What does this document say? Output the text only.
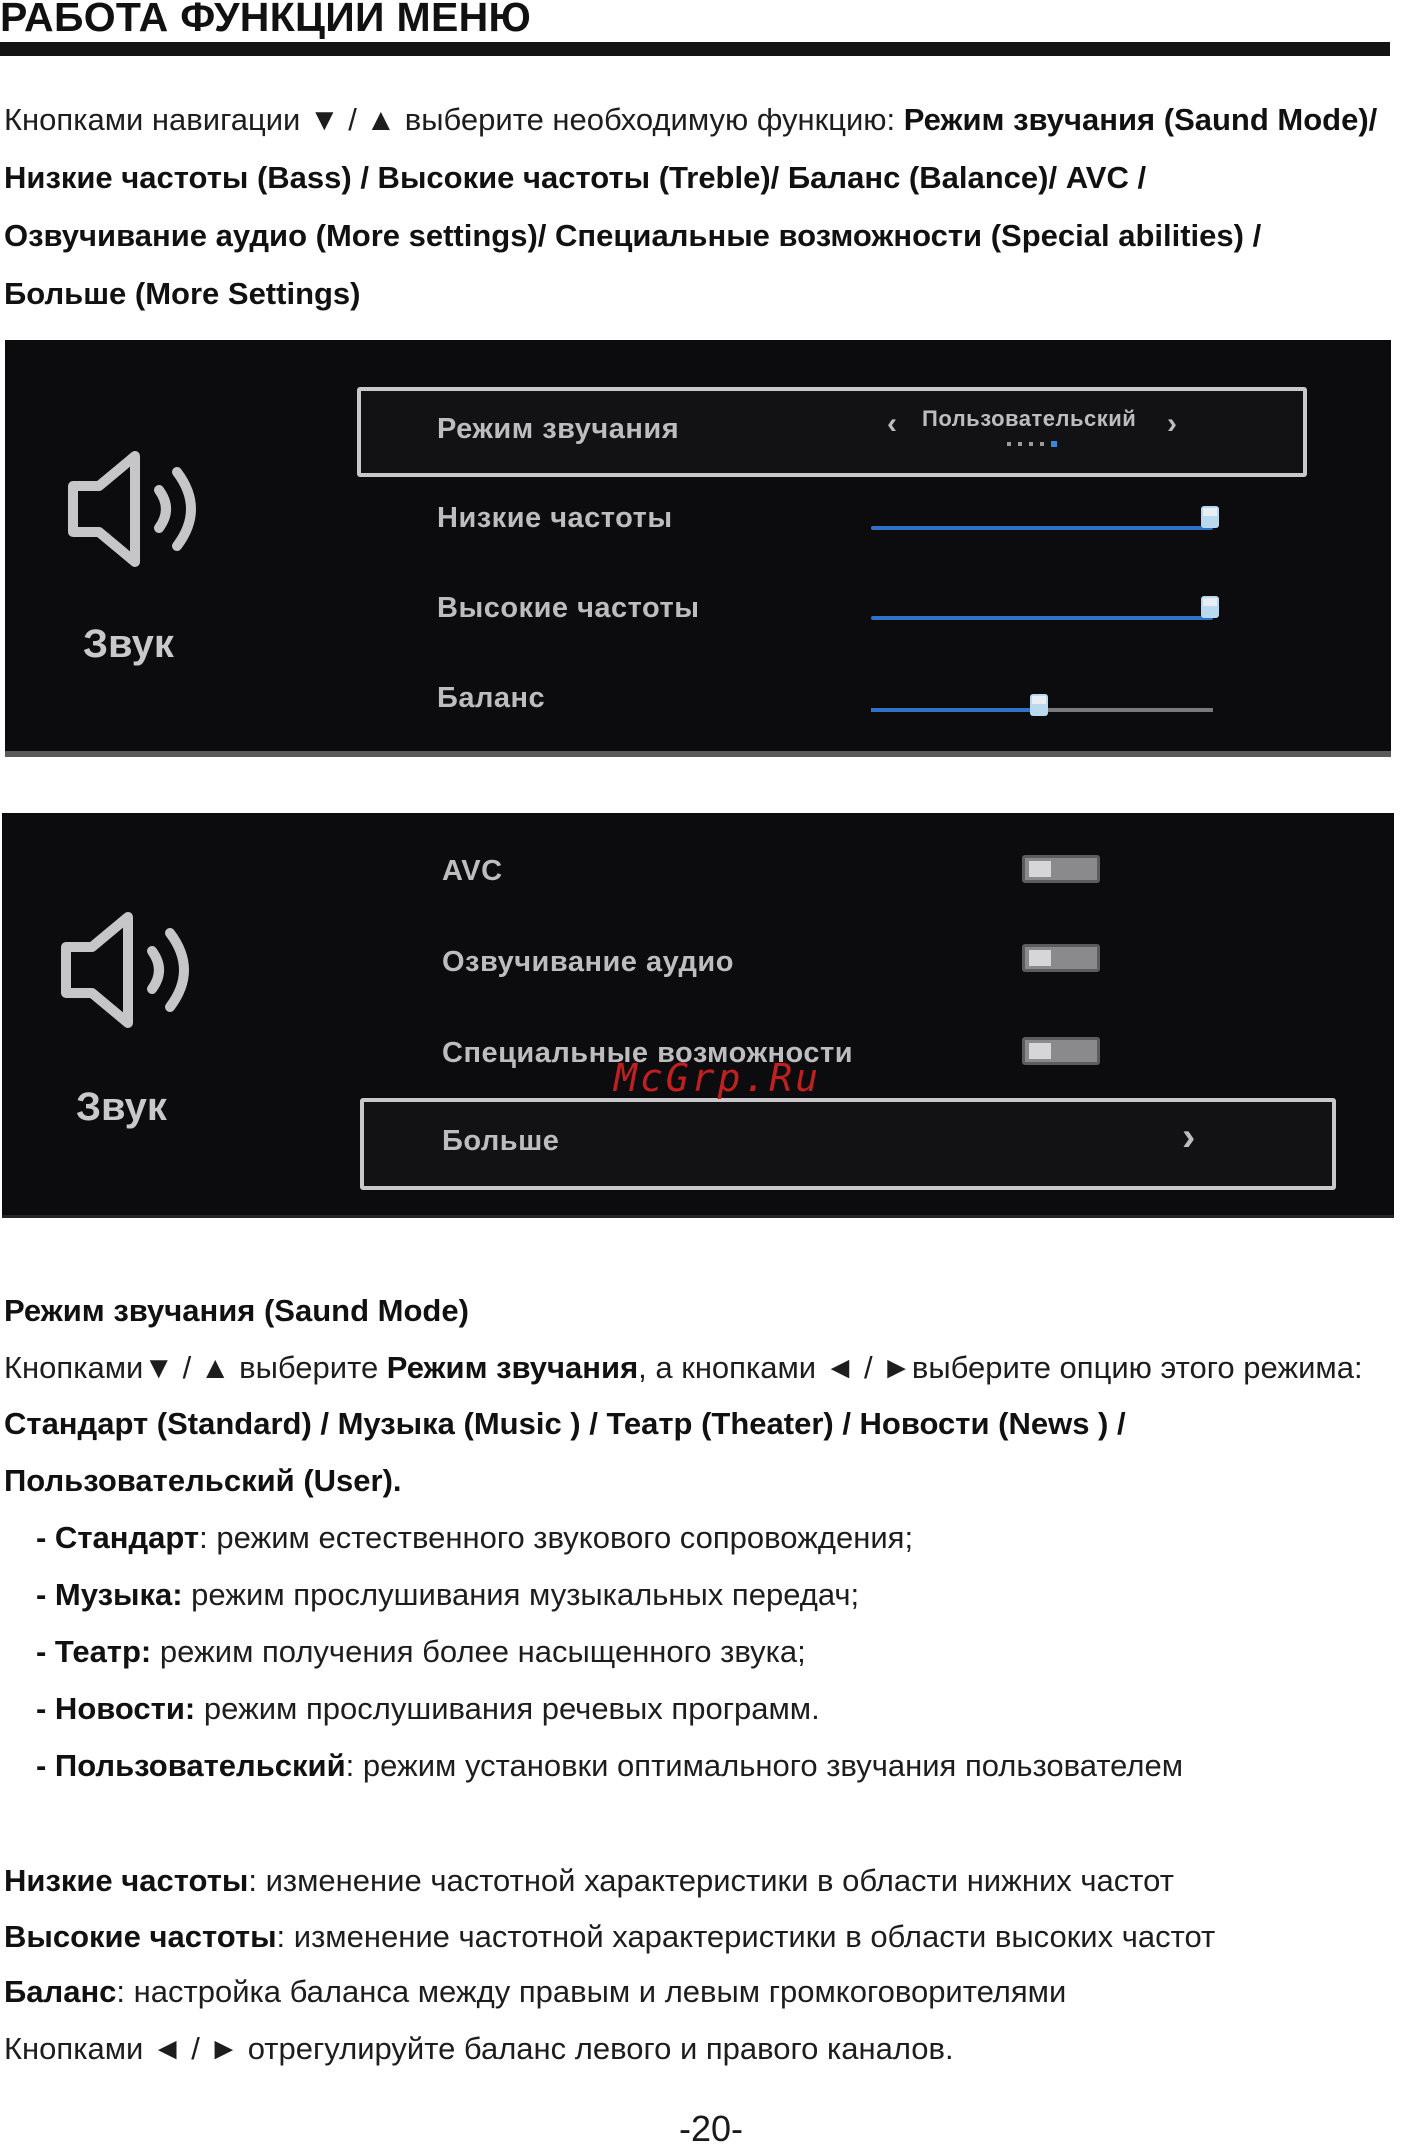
РАБОТА ФУНКЦИИ МЕНЮ
Кнопками навигации ▼ / ▲ выберите необходимую функцию: Режим звучания (Saund Mode)/
Низкие частоты (Bass) / Высокие частоты (Treble)/ Баланс (Balance)/ AVC /
Озвучивание аудио (More settings)/ Специальные возможности (Special abilities) /
Больше (More Settings)
Звук
Режим звучания	‹ Пользовательский ›
Низкие частоты
Высокие частоты
Баланс
Звук
AVC
Озвучивание аудио
Специальные возможности
Больше	›
McGrp.Ru
Режим звучания (Saund Mode)
Кнопками▼ / ▲ выберите Режим звучания, а кнопками ◄ / ►выберите опцию этого режима:
Стандарт (Standard) / Музыка (Music ) / Театр (Theater) / Новости (News ) /
Пользовательский (User).
- Стандарт: режим естественного звукового сопровождения;
- Музыка: режим прослушивания музыкальных передач;
- Театр: режим получения более насыщенного звука;
- Новости: режим прослушивания речевых программ.
- Пользовательский: режим установки оптимального звучания пользователем
Низкие частоты: изменение частотной характеристики в области нижних частот
Высокие частоты: изменение частотной характеристики в области высоких частот
Баланс: настройка баланса между правым и левым громкоговорителями
Кнопками ◄ / ► отрегулируйте баланс левого и правого каналов.
-20-
